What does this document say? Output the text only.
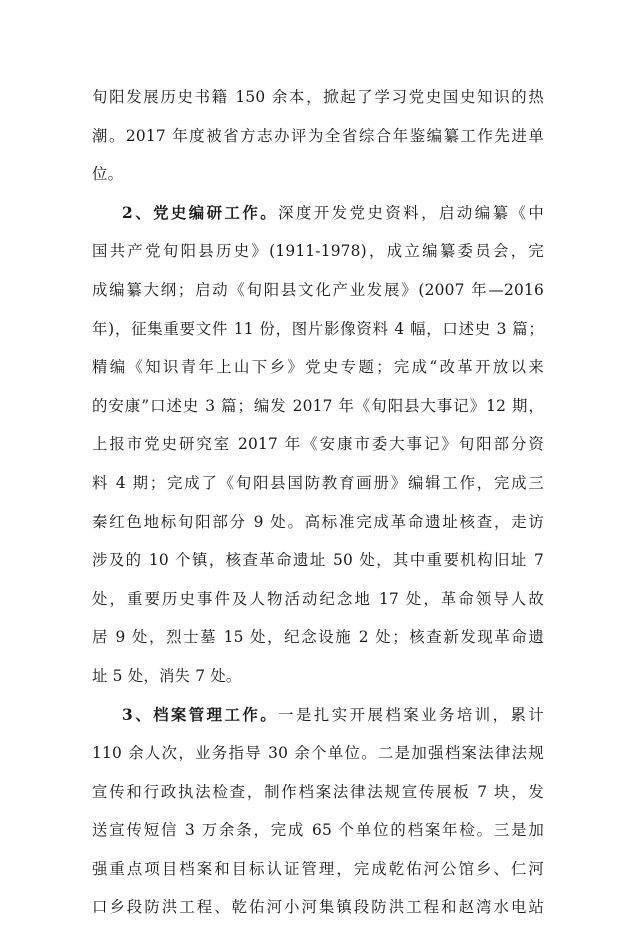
旬阳发展历史书籍 150 余本，掀起了学习党史国史知识的热
潮。2017 年度被省方志办评为全省综合年鉴编纂工作先进单
位。
2、党史编研工作。深度开发党史资料，启动编纂《中
国共产党旬阳县历史》(1911-1978)，成立编纂委员会，完
成编纂大纲；启动《旬阳县文化产业发展》(2007 年—2016
年)，征集重要文件 11 份，图片影像资料 4 幅，口述史 3 篇；
精编《知识青年上山下乡》党史专题；完成“改革开放以来
的安康”口述史 3 篇；编发 2017 年《旬阳县大事记》12 期，
上报市党史研究室 2017 年《安康市委大事记》旬阳部分资
料 4 期；完成了《旬阳县国防教育画册》编辑工作，完成三
秦红色地标旬阳部分 9 处。高标准完成革命遗址核查，走访
涉及的 10 个镇，核查革命遗址 50 处，其中重要机构旧址 7
处，重要历史事件及人物活动纪念地 17 处，革命领导人故
居 9 处，烈士墓 15 处，纪念设施 2 处；核查新发现革命遗
址 5 处，消失 7 处。
3、档案管理工作。一是扎实开展档案业务培训，累计
110 余人次，业务指导 30 余个单位。二是加强档案法律法规
宣传和行政执法检查，制作档案法律法规宣传展板 7 块，发
送宣传短信 3 万余条，完成 65 个单位的档案年检。三是加
强重点项目档案和目标认证管理，完成乾佑河公馆乡、仁河
口乡段防洪工程、乾佑河小河集镇段防洪工程和赵湾水电站
